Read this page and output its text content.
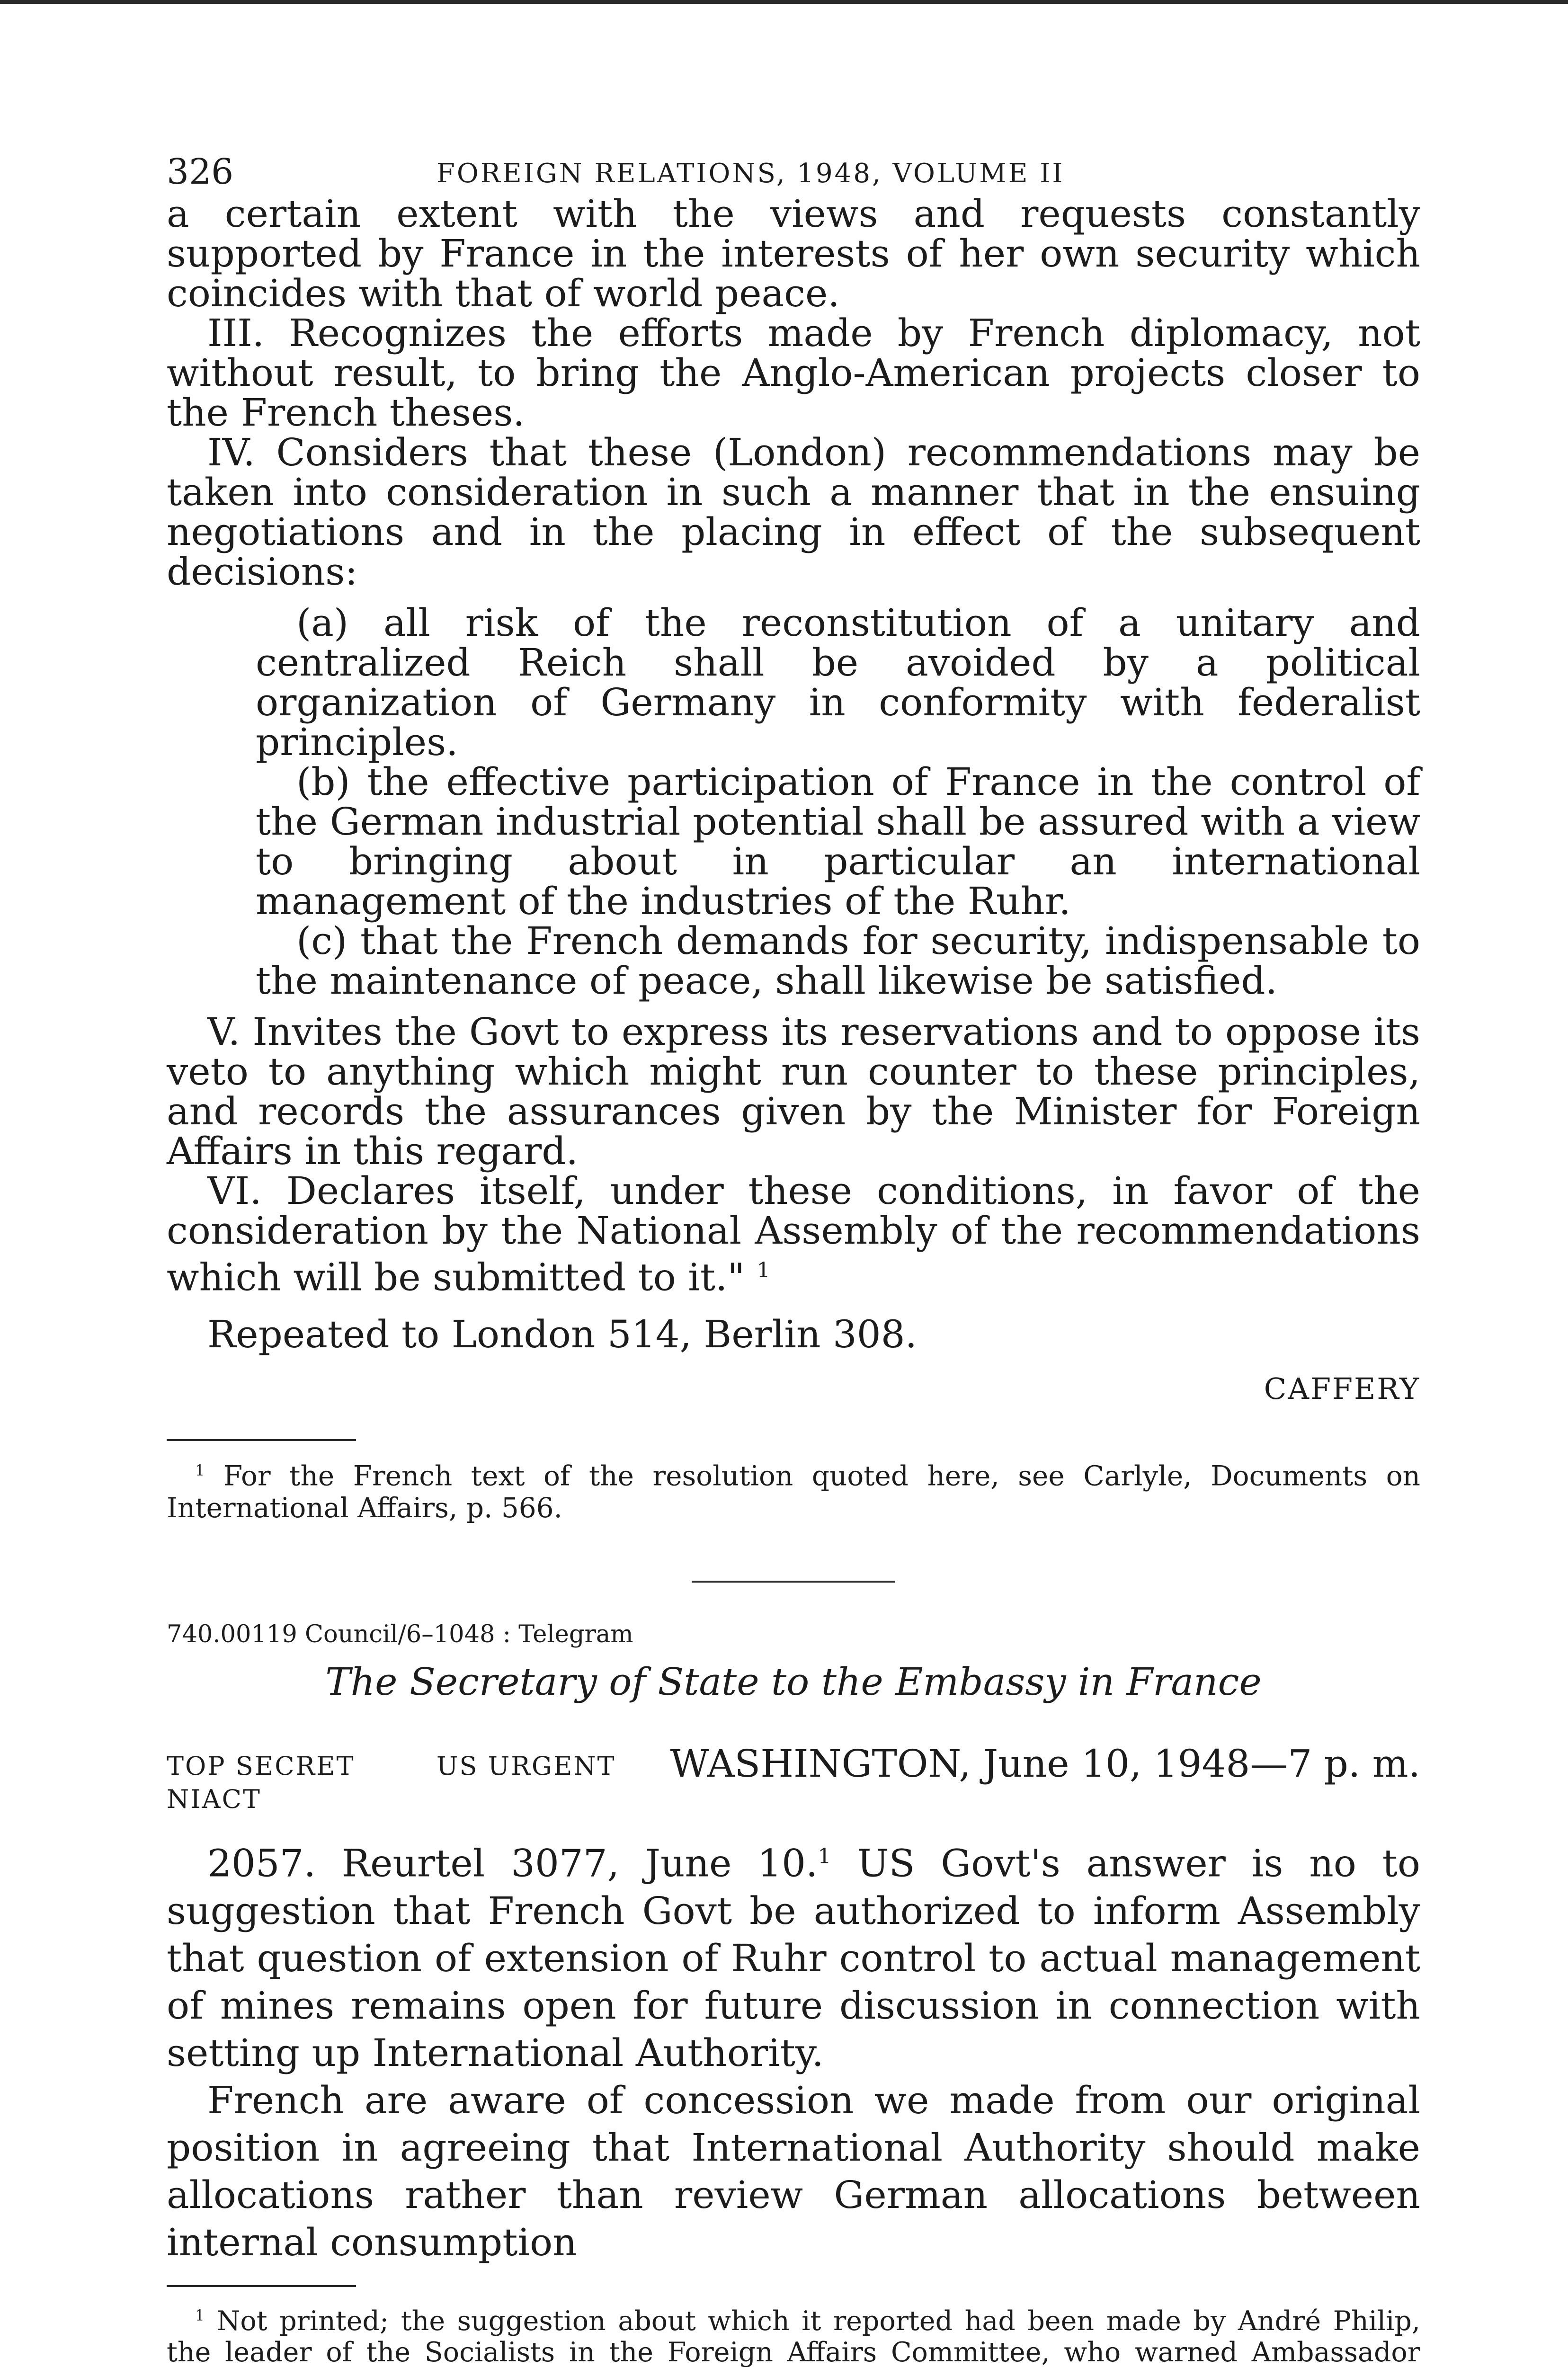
326	FOREIGN RELATIONS, 1948, VOLUME II

a certain extent with the views and requests constantly supported by France in the interests of her own security which coincides with that of world peace.

III. Recognizes the efforts made by French diplomacy, not without result, to bring the Anglo-American projects closer to the French theses.

IV. Considers that these (London) recommendations may be taken into consideration in such a manner that in the ensuing negotiations and in the placing in effect of the subsequent decisions:

(a) all risk of the reconstitution of a unitary and centralized Reich shall be avoided by a political organization of Germany in conformity with federalist principles.

(b) the effective participation of France in the control of the German industrial potential shall be assured with a view to bringing about in particular an international management of the industries of the Ruhr.

(c) that the French demands for security, indispensable to the maintenance of peace, shall likewise be satisfied.

V. Invites the Govt to express its reservations and to oppose its veto to anything which might run counter to these principles, and records the assurances given by the Minister for Foreign Affairs in this regard.

VI. Declares itself, under these conditions, in favor of the consideration by the National Assembly of the recommendations which will be submitted to it." $^1$

Repeated to London 514, Berlin 308.

CAFFERY

$^1$ For the French text of the resolution quoted here, see Carlyle, Documents on International Affairs, p. 566.

740.00119 Council/6–1048 : Telegram
The Secretary of State to the Embassy in France
TOP SECRET	US URGENT WASHINGTON, June 10, 1948—7 p. m.
NIACT

2057. Reurtel 3077, June 10.$^1$ US Govt's answer is no to suggestion that French Govt be authorized to inform Assembly that question of extension of Ruhr control to actual management of mines remains open for future discussion in connection with setting up International Authority.

French are aware of concession we made from our original position in agreeing that International Authority should make allocations rather than review German allocations between internal consumption

$^1$ Not printed; the suggestion about which it reported had been made by André Philip, the leader of the Socialists in the Foreign Affairs Committee, who warned Ambassador
